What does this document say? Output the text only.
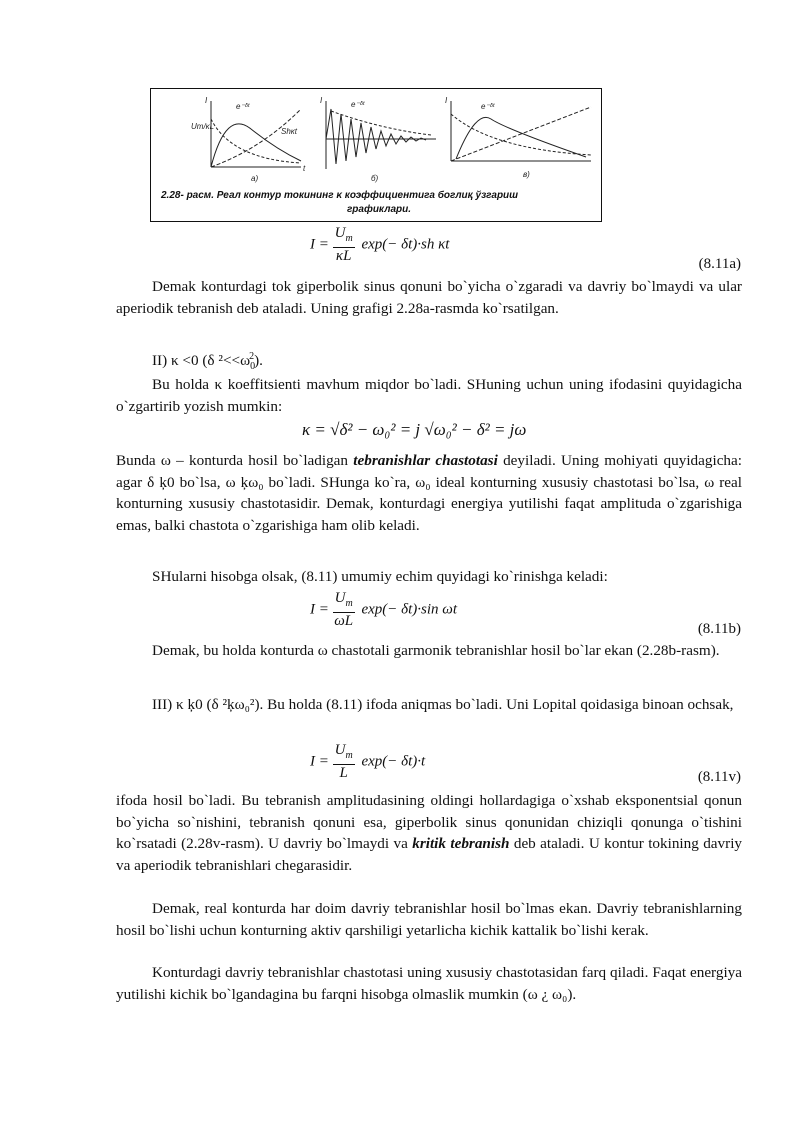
I
Um/κL
e⁻ᵟᵗ
Shκt
t
а)
I	e⁻ᵟᵗ
б)
I
e⁻ᵟᵗ
в)
2.28- расм. Реал контур токининг κ коэффициентига боглиқ ўзгариш
графиклари.
$I = \frac{U_m}{\kappa L} \exp(- \delta t)\cdot sh$ κt
(8.11a)
Demak konturdagi tok giperbolik sinus qonuni bo`yicha o`zgaradi va davriy bo`lmaydi va ular aperiodik tebranish deb ataladi. Uning grafigi 2.28a-rasmda ko`rsatilgan.
II) κ <0 (δ $^2<<\omega_0^2$).
Bu holda κ koeffitsienti mavhum miqdor bo`ladi. SHuning uchun uning ifodasini quyidagicha o`zgartirib yozish mumkin:
κ = √δ² − ω₀² = j √ω₀² − δ² = jω
Bunda ω – konturda hosil bo`ladigan tebranishlar chastotasi deyiladi. Uning mohiyati quyidagicha: agar δ ķ0 bo`lsa, ω ķω₀ bo`ladi. SHunga ko`ra, ω₀ ideal konturning xususiy chastotasi bo`lsa, ω real konturning xususiy chastotasidir. Demak, konturdagi energiya yutilishi faqat amplituda o`zgarishiga emas, balki chastota o`zgarishiga ham olib keladi.
SHularni hisobga olsak, (8.11) umumiy echim quyidagi ko`rinishga keladi:
$I = \frac{U_m}{\omega L} \exp(- \delta t)\cdot\sin$ ωt
(8.11b)
Demak, bu holda konturda ω chastotali garmonik tebranishlar hosil bo`lar ekan (2.28b-rasm).
III) κ ķ0 (δ ²ķω₀²). Bu holda (8.11) ifoda aniqmas bo`ladi. Uni Lopital qoidasiga binoan ochsak,
$I = \frac{U_m}{L} \exp(- \delta t)\cdot t$
(8.11v)
ifoda hosil bo`ladi. Bu tebranish amplitudasining oldingi hollardagiga o`xshab eksponentsial qonun bo`yicha so`nishini, tebranish qonuni esa, giperbolik sinus qonunidan chiziqli qonunga o`tishini ko`rsatadi (2.28v-rasm). U davriy bo`lmaydi va kritik tebranish deb ataladi. U kontur tokining davriy va aperiodik tebranishlari chegarasidir.
Demak, real konturda har doim davriy tebranishlar hosil bo`lmas ekan. Davriy tebranishlarning hosil bo`lishi uchun konturning aktiv qarshiligi yetarlicha kichik kattalik bo`lishi kerak.
Konturdagi davriy tebranishlar chastotasi uning xususiy chastotasidan farq qiladi. Faqat energiya yutilishi kichik bo`lgandagina bu farqni hisobga olmaslik mumkin (ω ¿ ω₀).
